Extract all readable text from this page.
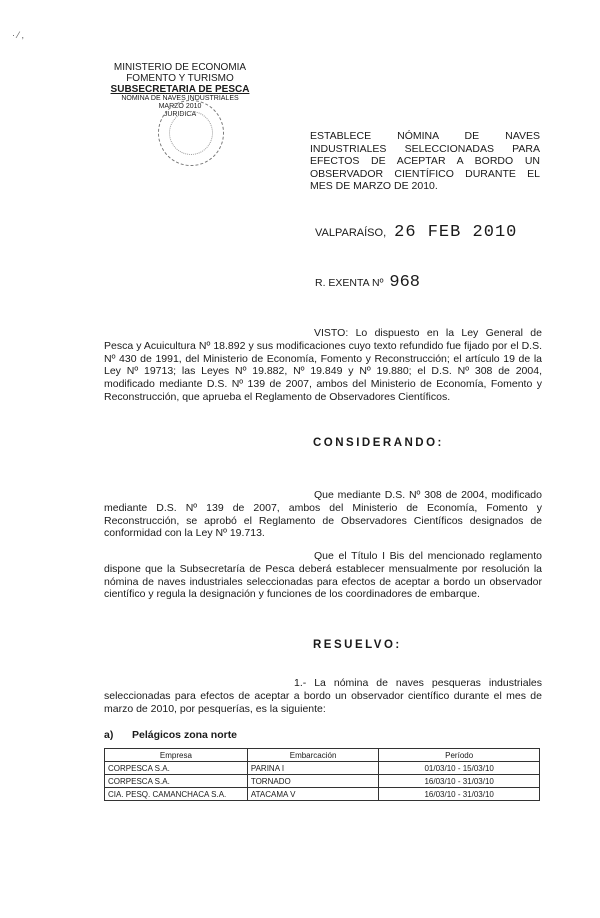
· ⁄ ,
MINISTERIO DE ECONOMIA
FOMENTO Y TURISMO
SUBSECRETARIA DE PESCA
NOMINA DE NAVES INDUSTRIALES
MARZO 2010
JURIDICA
ESTABLECE NÓMINA DE NAVES INDUSTRIALES SELECCIONADAS PARA EFECTOS DE ACEPTAR A BORDO UN OBSERVADOR CIENTÍFICO DURANTE EL MES DE MARZO DE 2010.
VALPARAÍSO, 26 FEB 2010
R. EXENTA Nº 968
VISTO: Lo dispuesto en la Ley General de Pesca y Acuicultura Nº 18.892 y sus modificaciones cuyo texto refundido fue fijado por el D.S. Nº 430 de 1991, del Ministerio de Economía, Fomento y Reconstrucción; el artículo 19 de la Ley Nº 19713; las Leyes Nº 19.882, Nº 19.849 y Nº 19.880; el D.S. Nº 308 de 2004, modificado mediante D.S. Nº 139 de 2007, ambos del Ministerio de Economía, Fomento y Reconstrucción, que aprueba el Reglamento de Observadores Científicos.
CONSIDERANDO:
Que mediante D.S. Nº 308 de 2004, modificado mediante D.S. Nº 139 de 2007, ambos del Ministerio de Economía, Fomento y Reconstrucción, se aprobó el Reglamento de Observadores Científicos designados de conformidad con la Ley Nº 19.713.
Que el Título I Bis del mencionado reglamento dispone que la Subsecretaría de Pesca deberá establecer mensualmente por resolución la nómina de naves industriales seleccionadas para efectos de aceptar a bordo un observador científico y regula la designación y funciones de los coordinadores de embarque.
RESUELVO:
1.- La nómina de naves pesqueras industriales seleccionadas para efectos de aceptar a bordo un observador científico durante el mes de marzo de 2010, por pesquerías, es la siguiente:
a) Pelágicos zona norte
Empresa	Embarcación	Período
CORPESCA S.A.	PARINA I	01/03/10 - 15/03/10
CORPESCA S.A.	TORNADO	16/03/10 - 31/03/10
CIA. PESQ. CAMANCHACA S.A.	ATACAMA V	16/03/10 - 31/03/10
